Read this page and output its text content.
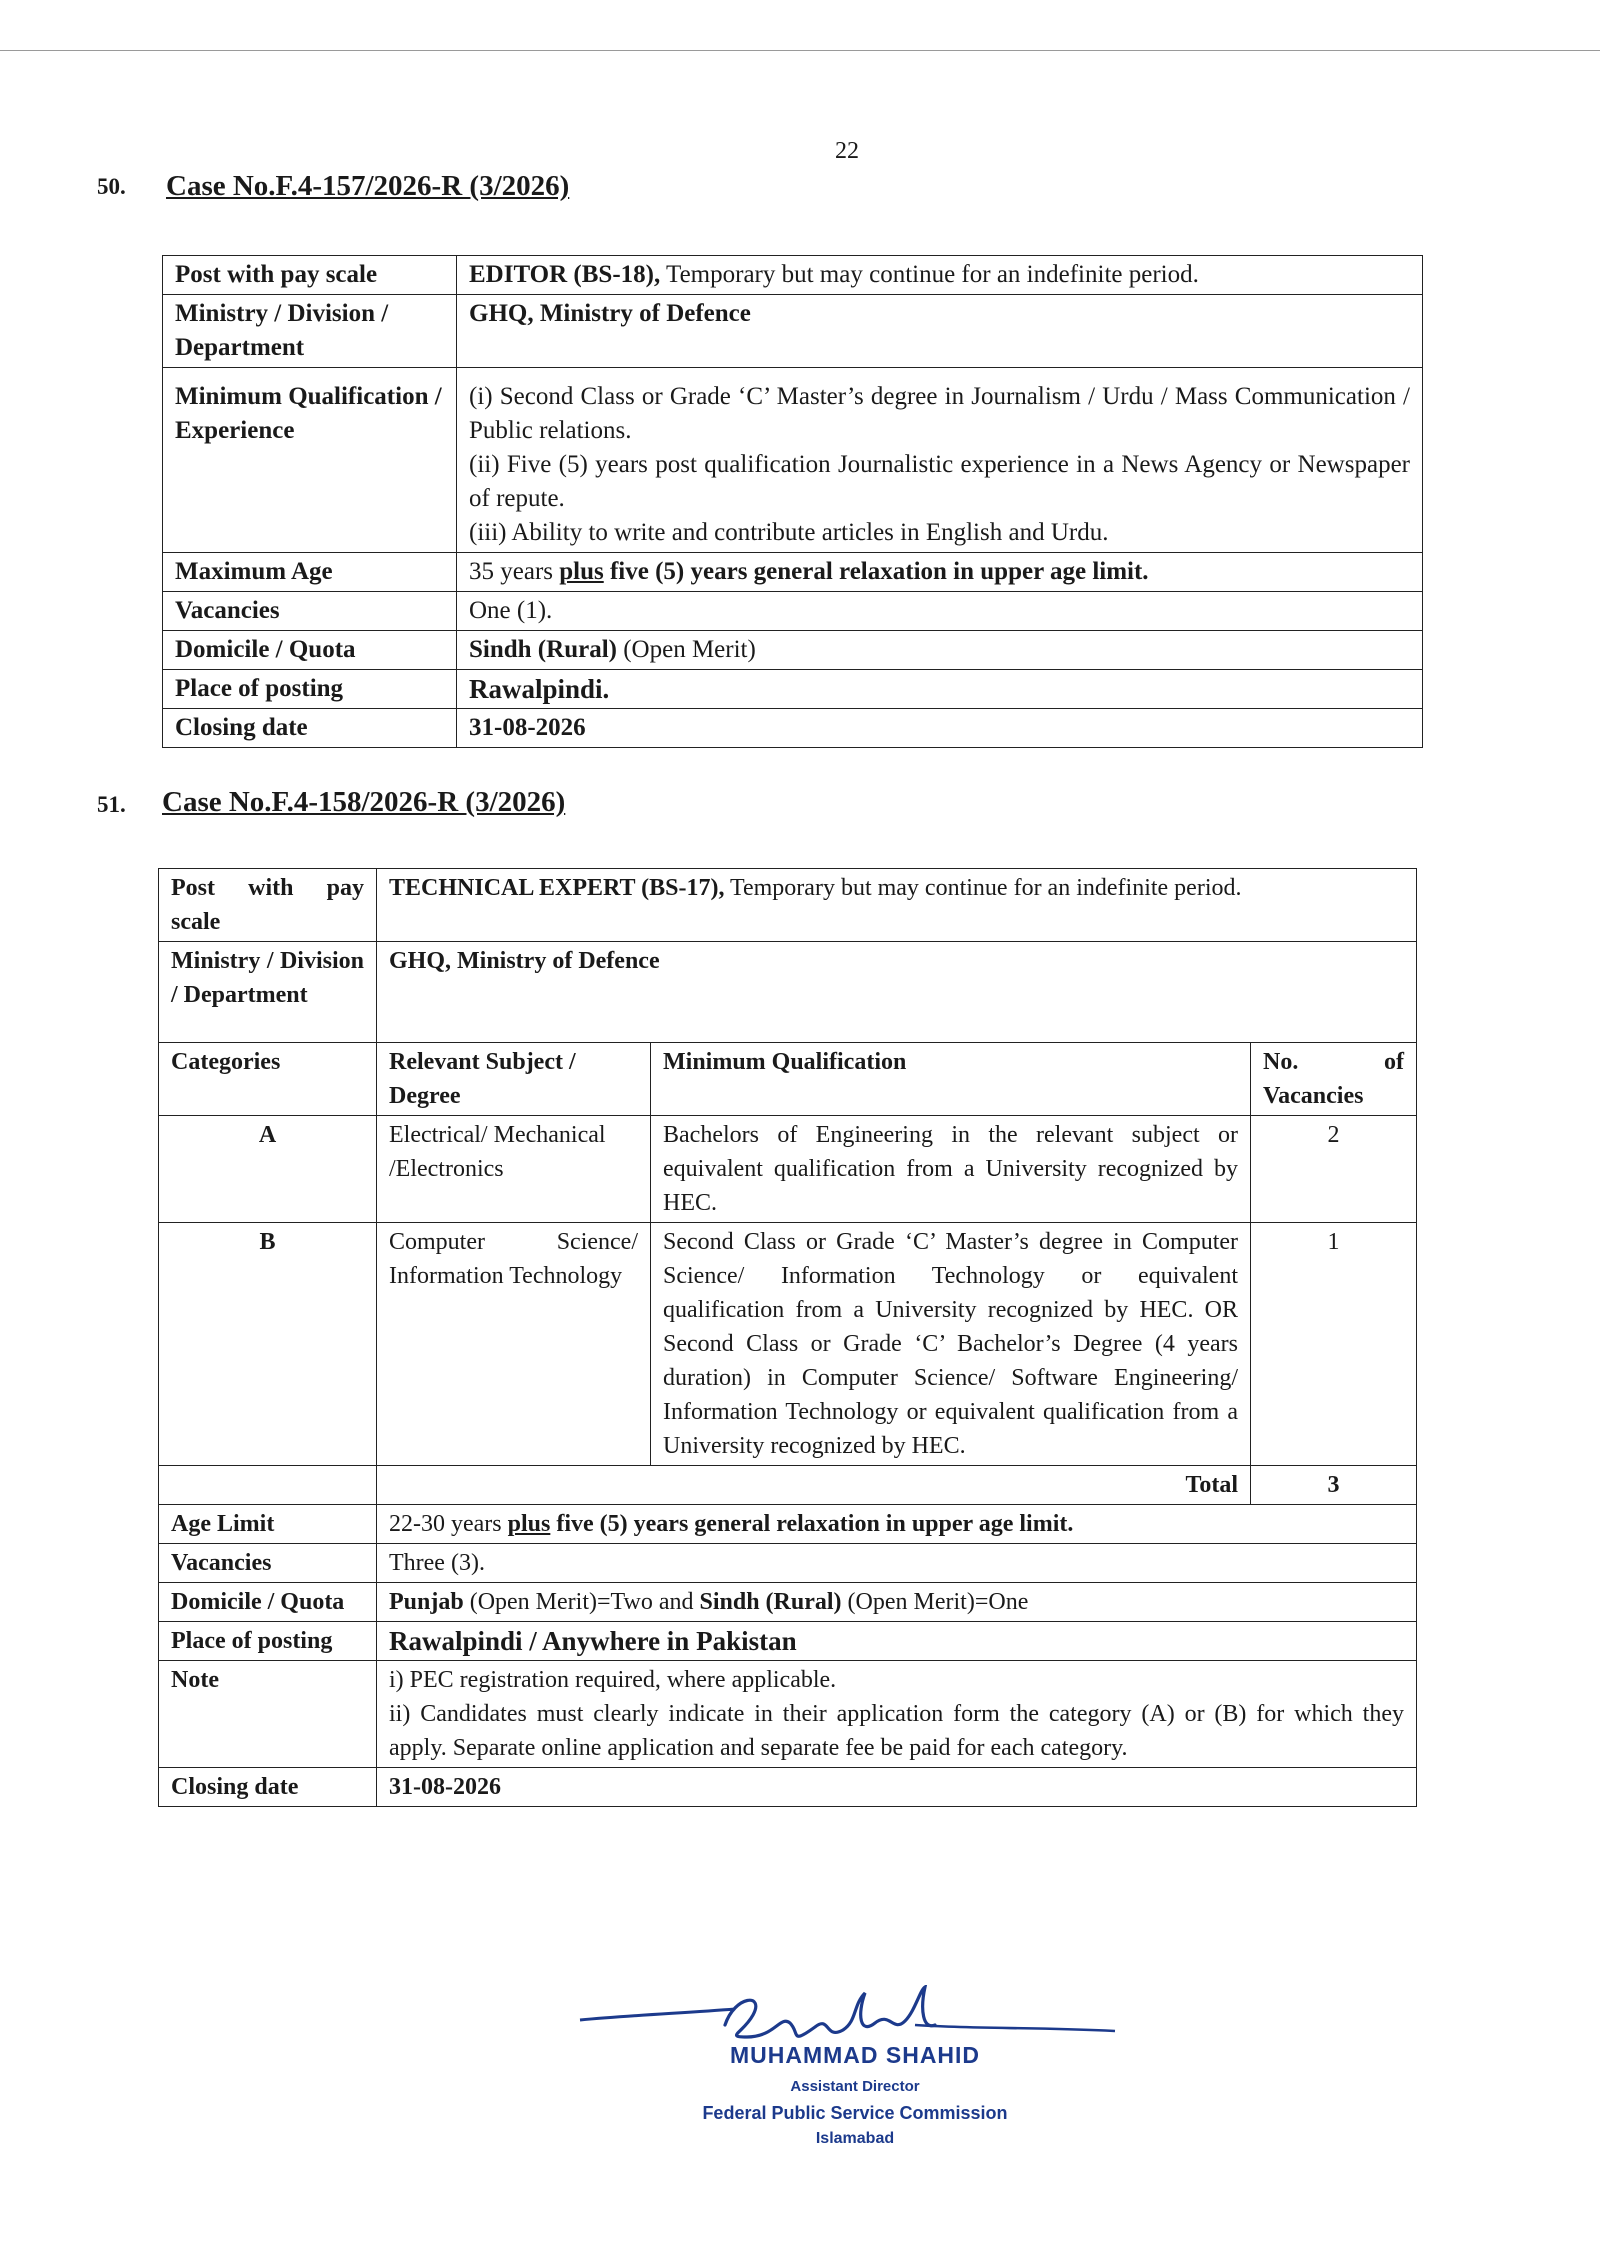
22
50. Case No.F.4-157/2026-R (3/2026)
Post with pay scale	EDITOR (BS-18), Temporary but may continue for an indefinite period.
Ministry / Division / Department	GHQ, Ministry of Defence
Minimum Qualification / Experience	(i) Second Class or Grade ‘C’ Master’s degree in Journalism / Urdu / Mass Communication / Public relations.

(ii) Five (5) years post qualification Journalistic experience in a News Agency or Newspaper of repute.

(iii) Ability to write and contribute articles in English and Urdu.

Maximum Age	35 years plus five (5) years general relaxation in upper age limit.
Vacancies	One (1).
Domicile / Quota	Sindh (Rural) (Open Merit)
Place of posting	Rawalpindi.
Closing date	31-08-2026
51. Case No.F.4-158/2026-R (3/2026)
Post with pay scale	TECHNICAL EXPERT (BS-17), Temporary but may continue for an indefinite period.		
Ministry / Division / Department	GHQ, Ministry of Defence		
Categories	Relevant Subject / Degree	Minimum Qualification	No. of Vacancies
A	Electrical/ Mechanical /Electronics	Bachelors of Engineering in the relevant subject or equivalent qualification from a University recognized by HEC.	2
B	Computer Science/ Information Technology	Second Class or Grade ‘C’ Master’s degree in Computer Science/ Information Technology or equivalent qualification from a University recognized by HEC. OR Second Class or Grade ‘C’ Bachelor’s Degree (4 years duration) in Computer Science/ Software Engineering/ Information Technology or equivalent qualification from a University recognized by HEC.	1
	Total		3
Age Limit	22-30 years plus five (5) years general relaxation in upper age limit.		
Vacancies	Three (3).		
Domicile / Quota	Punjab (Open Merit)=Two and Sindh (Rural) (Open Merit)=One		
Place of posting	Rawalpindi / Anywhere in Pakistan		
Note	i) PEC registration required, where applicable.

ii) Candidates must clearly indicate in their application form the category (A) or (B) for which they apply. Separate online application and separate fee be paid for each category.		

Closing date	31-08-2026		
MUHAMMAD SHAHID
Assistant Director
Federal Public Service Commission
Islamabad
